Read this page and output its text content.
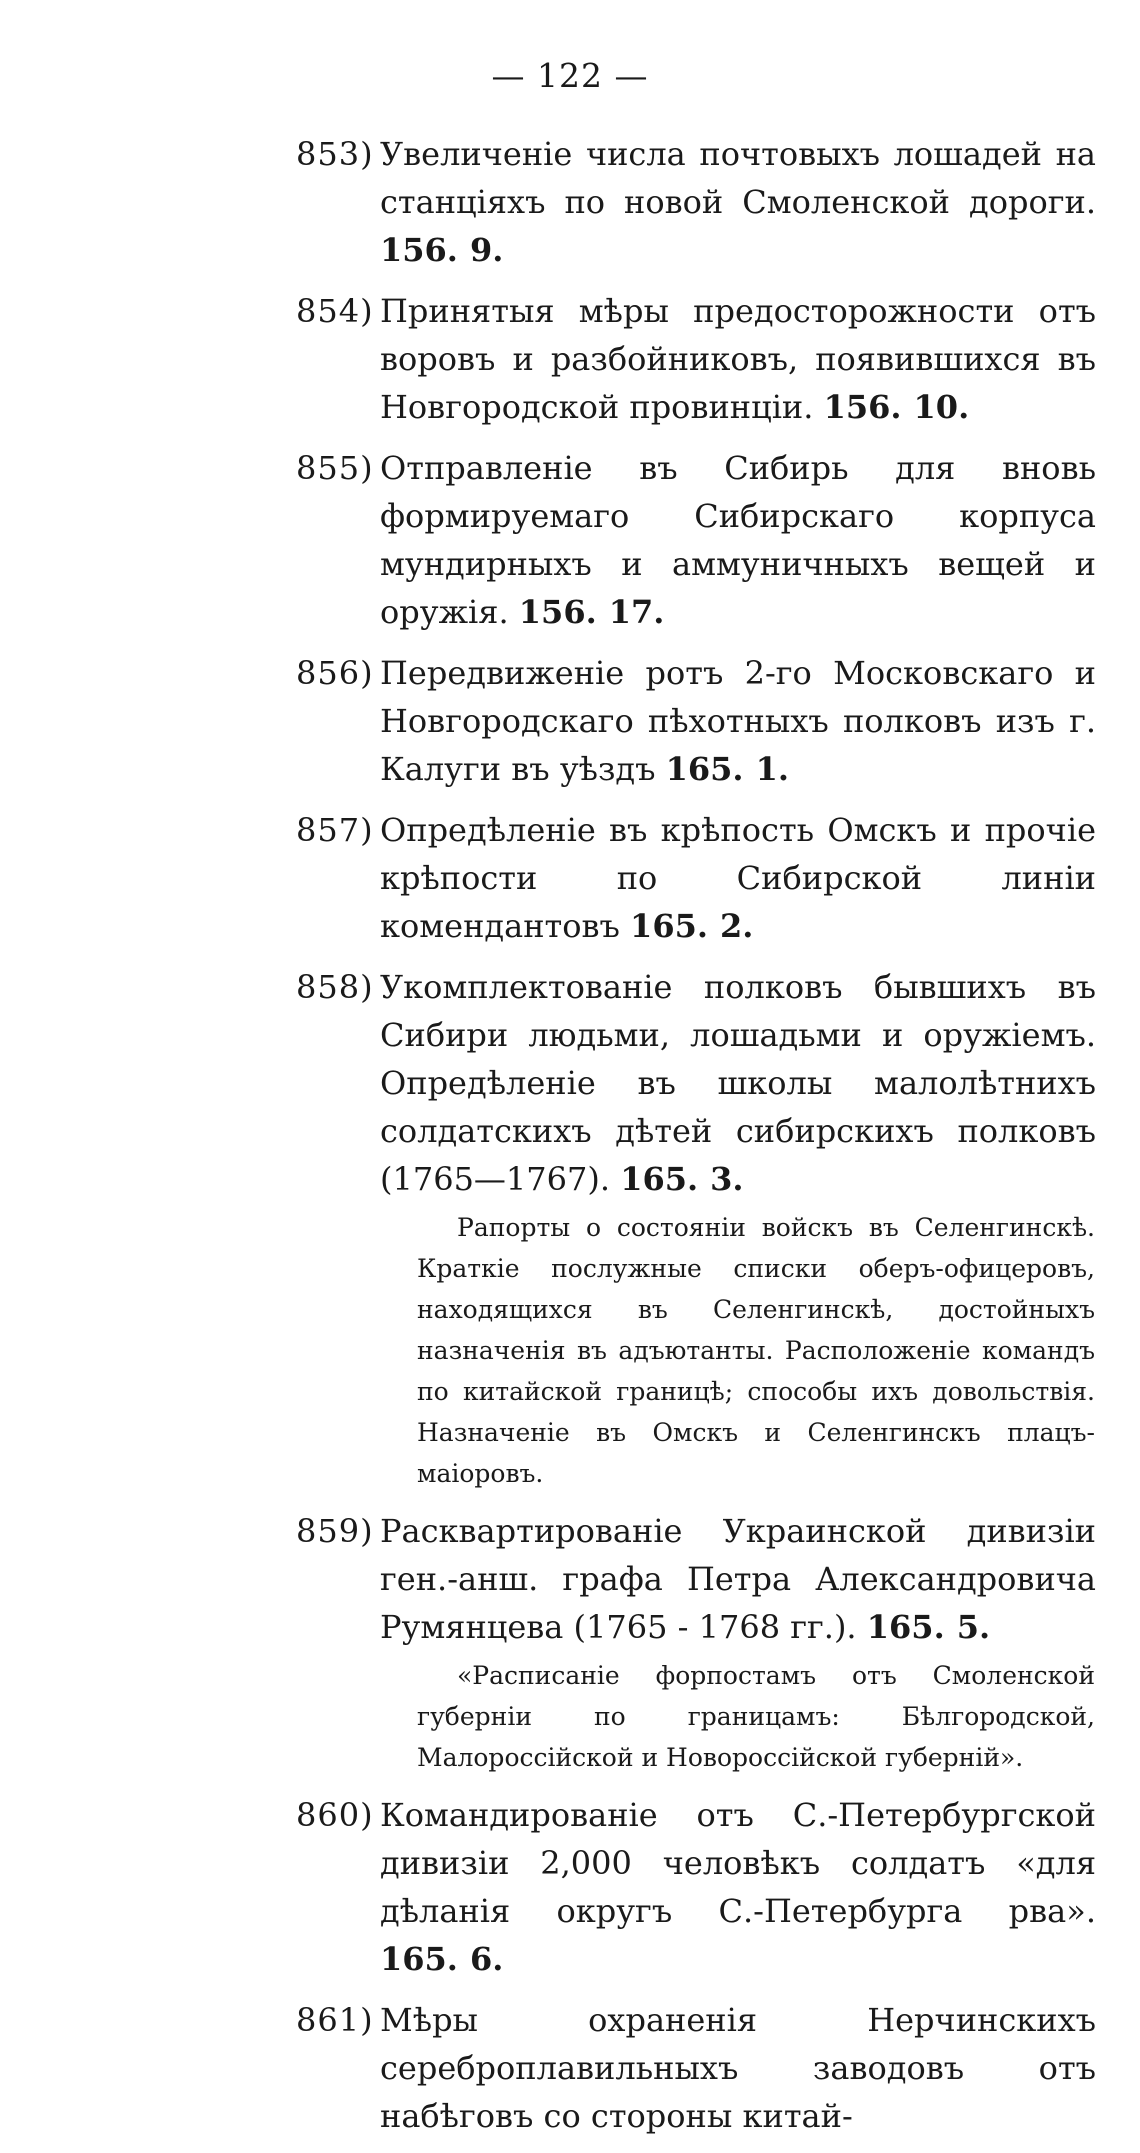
— 122 —
853) Увеличеніе числа почтовыхъ лошадей на станціяхъ по новой Смоленской дороги. 156. 9.
854) Принятыя мѣры предосторожности отъ воровъ и разбойниковъ, появившихся въ Новгородской провинціи. 156. 10.
855) Отправленіе въ Сибирь для вновь формируемаго Сибирскаго корпуса мундирныхъ и аммуничныхъ вещей и оружія. 156. 17.
856) Передвиженіе ротъ 2-го Московскаго и Новгородскаго пѣхотныхъ полковъ изъ г. Калуги въ уѣздъ 165. 1.
857) Опредѣленіе въ крѣпость Омскъ и прочіе крѣпости по Сибирской линіи комендантовъ 165. 2.
858) Укомплектованіе полковъ бывшихъ въ Сибири людьми, лошадьми и оружіемъ. Опредѣленіе въ школы малолѣтнихъ солдатскихъ дѣтей сибирскихъ полковъ (1765—1767). 165. 3.
Рапорты о состояніи войскъ въ Селенгинскѣ. Краткіе послужные списки оберъ-офицеровъ, находящихся въ Селенгинскѣ, достойныхъ назначенія въ адъютанты. Расположеніе командъ по китайской границѣ; способы ихъ довольствія. Назначеніе въ Омскъ и Селенгинскъ плацъ-маіоровъ.
859) Расквартированіе Украинской дивизіи ген.-анш. графа Петра Александровича Румянцева (1765 - 1768 гг.). 165. 5.
«Расписаніе форпостамъ отъ Смоленской губерніи по границамъ: Бѣлгородской, Малороссійской и Новороссійской губерній».
860) Командированіе отъ С.-Петербургской дивизіи 2,000 человѣкъ солдатъ «для дѣланія округъ С.-Петербурга рва». 165. 6.
861) Мѣры охраненія Нерчинскихъ сереброплавильныхъ заводовъ отъ набѣговъ со стороны китай-
